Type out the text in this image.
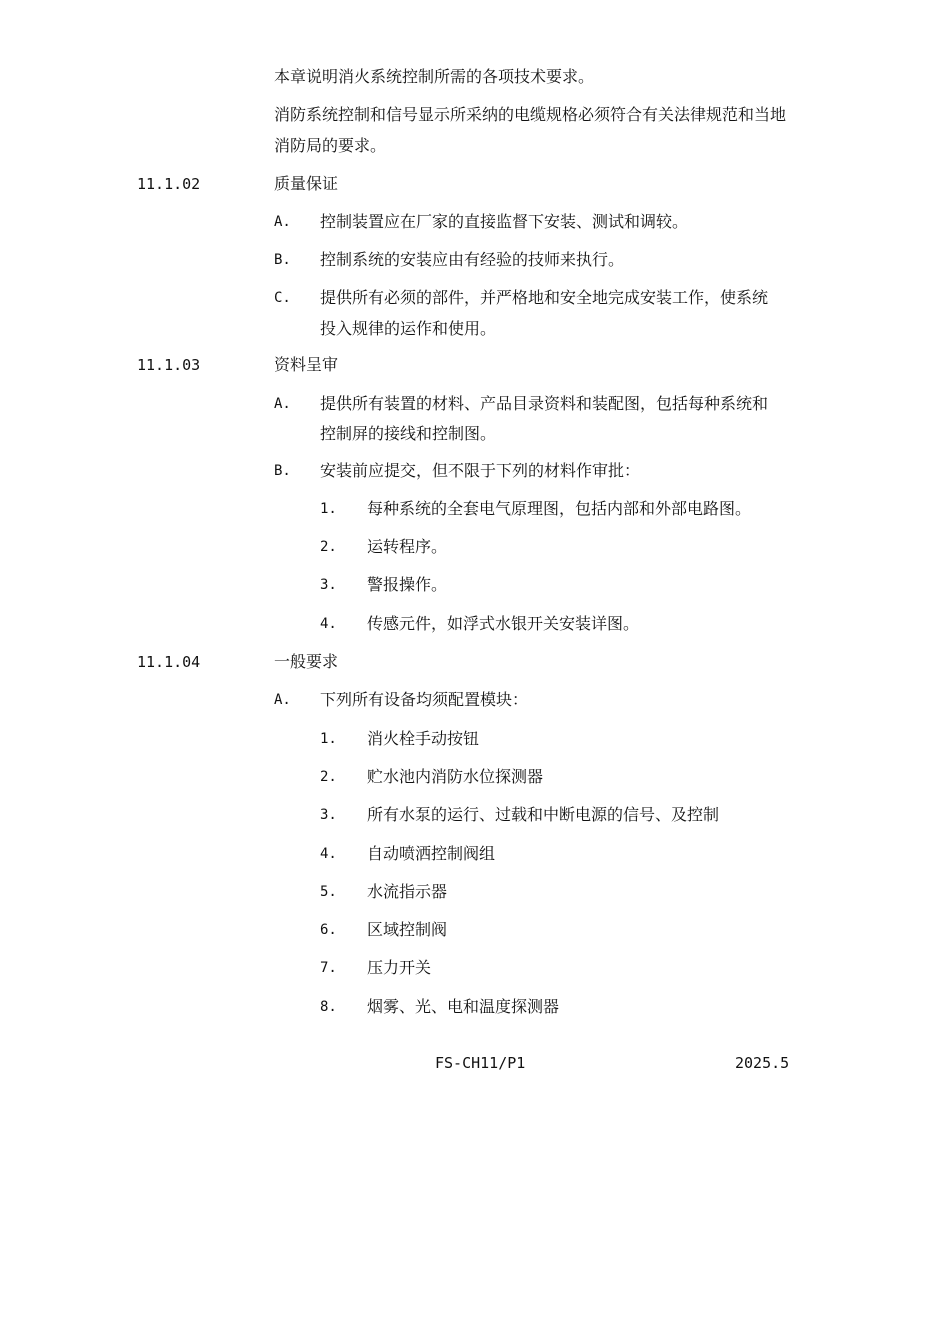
本章说明消火系统控制所需的各项技术要求。
消防系统控制和信号显示所采纳的电缆规格必须符合有关法律规范和当地
消防局的要求。
11.1.02	质量保证
A. 控制装置应在厂家的直接监督下安装、测试和调较。
B. 控制系统的安装应由有经验的技师来执行。
C. 提供所有必须的部件，并严格地和安全地完成安装工作，使系统
投入规律的运作和使用。
11.1.03	资料呈审
A. 提供所有装置的材料、产品目录资料和装配图，包括每种系统和
控制屏的接线和控制图。
B. 安装前应提交，但不限于下列的材料作审批：
1. 每种系统的全套电气原理图，包括内部和外部电路图。
2. 运转程序。
3. 警报操作。
4. 传感元件，如浮式水银开关安装详图。
11.1.04	一般要求
A. 下列所有设备均须配置模块：
1. 消火栓手动按钮
2. 贮水池内消防水位探测器
3. 所有水泵的运行、过载和中断电源的信号、及控制
4. 自动喷洒控制阀组
5. 水流指示器
6. 区域控制阀
7. 压力开关
8. 烟雾、光、电和温度探测器
FS-CH11/P1	2025.5
